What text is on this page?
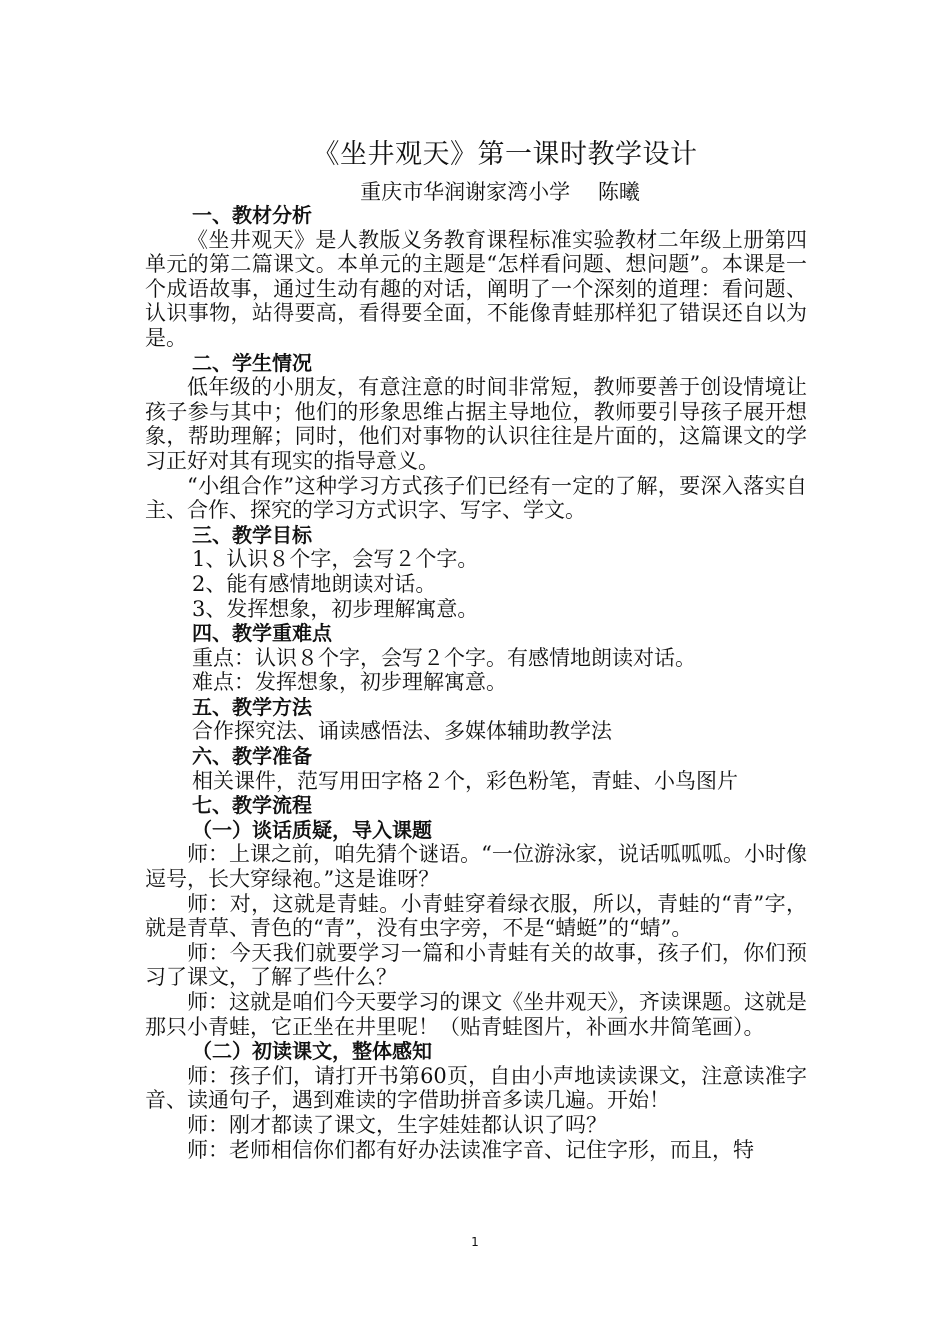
《坐井观天》第一课时教学设计
重庆市华润谢家湾小学　 陈曦

一、教材分析

《坐井观天》是人教版义务教育课程标准实验教材二年级上册第四单元的第二篇课文。本单元的主题是“怎样看问题、想问题”。本课是一个成语故事，通过生动有趣的对话，阐明了一个深刻的道理：看问题、认识事物，站得要高，看得要全面，不能像青蛙那样犯了错误还自以为是。

二、学生情况

低年级的小朋友，有意注意的时间非常短，教师要善于创设情境让孩子参与其中；他们的形象思维占据主导地位，教师要引导孩子展开想象，帮助理解；同时，他们对事物的认识往往是片面的，这篇课文的学习正好对其有现实的指导意义。

“小组合作”这种学习方式孩子们已经有一定的了解，要深入落实自主、合作、探究的学习方式识字、写字、学文。

三、教学目标

1、认识８个字，会写２个字。

2、能有感情地朗读对话。

3、发挥想象，初步理解寓意。

四、教学重难点

重点：认识８个字，会写２个字。有感情地朗读对话。

难点：发挥想象，初步理解寓意。

五、教学方法

合作探究法、诵读感悟法、多媒体辅助教学法

六、教学准备

相关课件，范写用田字格２个，彩色粉笔，青蛙、小鸟图片

七、教学流程

（一）谈话质疑，导入课题

师：上课之前，咱先猜个谜语。“一位游泳家，说话呱呱呱。小时像逗号，长大穿绿袍。”这是谁呀？

师：对，这就是青蛙。小青蛙穿着绿衣服，所以，青蛙的“青”字，就是青草、青色的“青”，没有虫字旁，不是“蜻蜓”的“蜻”。

师：今天我们就要学习一篇和小青蛙有关的故事，孩子们，你们预习了课文，了解了些什么？

师：这就是咱们今天要学习的课文《坐井观天》，齐读课题。这就是那只小青蛙，它正坐在井里呢！（贴青蛙图片，补画水井简笔画）。

（二）初读课文，整体感知

师：孩子们，请打开书第60页，自由小声地读读课文，注意读准字音、读通句子，遇到难读的字借助拼音多读几遍。开始！

师：刚才都读了课文，生字娃娃都认识了吗？

师：老师相信你们都有好办法读准字音、记住字形，而且，特

1
